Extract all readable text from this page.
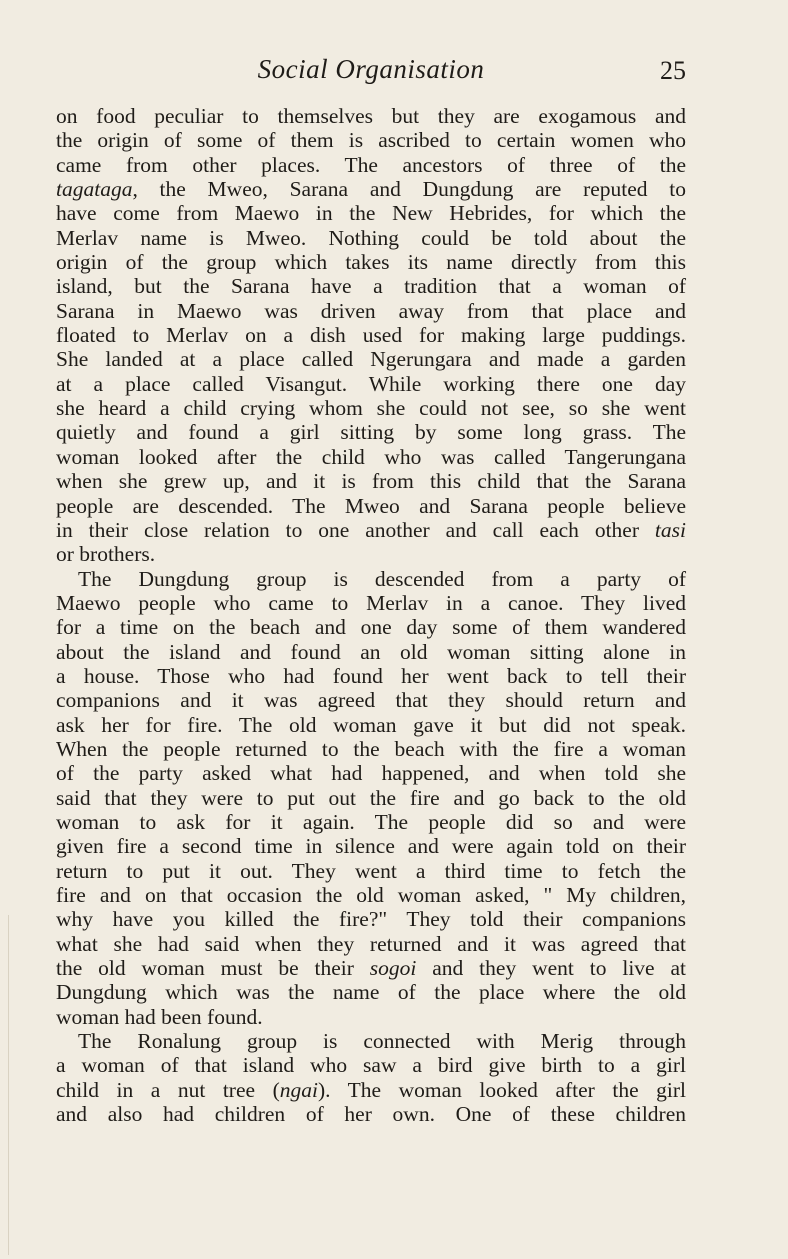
Social Organisation	25
on food peculiar to themselves but they are exogamous and
the origin of some of them is ascribed to certain women who
came from other places. The ancestors of three of the
tagataga, the Mweo, Sarana and Dungdung are reputed to
have come from Maewo in the New Hebrides, for which the
Merlav name is Mweo. Nothing could be told about the
origin of the group which takes its name directly from this
island, but the Sarana have a tradition that a woman of
Sarana in Maewo was driven away from that place and
floated to Merlav on a dish used for making large puddings.
She landed at a place called Ngerungara and made a garden
at a place called Visangut. While working there one day
she heard a child crying whom she could not see, so she went
quietly and found a girl sitting by some long grass. The
woman looked after the child who was called Tangerungana
when she grew up, and it is from this child that the Sarana
people are descended. The Mweo and Sarana people believe
in their close relation to one another and call each other tasi
or brothers.
The Dungdung group is descended from a party of
Maewo people who came to Merlav in a canoe. They lived
for a time on the beach and one day some of them wandered
about the island and found an old woman sitting alone in
a house. Those who had found her went back to tell their
companions and it was agreed that they should return and
ask her for fire. The old woman gave it but did not speak.
When the people returned to the beach with the fire a woman
of the party asked what had happened, and when told she
said that they were to put out the fire and go back to the old
woman to ask for it again. The people did so and were
given fire a second time in silence and were again told on their
return to put it out. They went a third time to fetch the
fire and on that occasion the old woman asked, " My children,
why have you killed the fire?" They told their companions
what she had said when they returned and it was agreed that
the old woman must be their sogoi and they went to live at
Dungdung which was the name of the place where the old
woman had been found.
The Ronalung group is connected with Merig through
a woman of that island who saw a bird give birth to a girl
child in a nut tree (ngai). The woman looked after the girl
and also had children of her own. One of these children
